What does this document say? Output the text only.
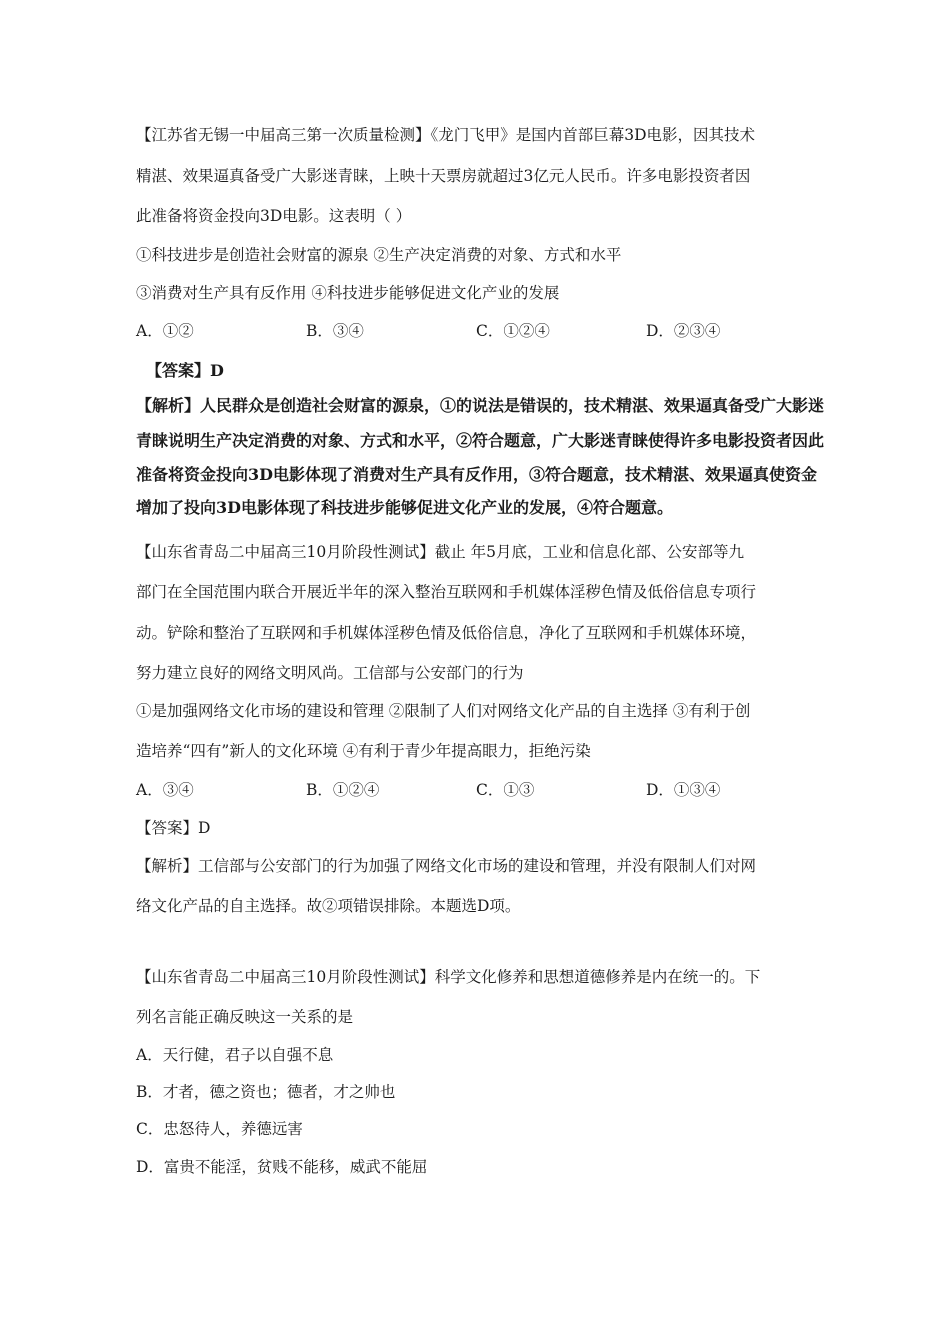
【江苏省无锡一中届高三第一次质量检测】《龙门飞甲》是国内首部巨幕3D电影，因其技术
精湛、效果逼真备受广大影迷青睐，上映十天票房就超过3亿元人民币。许多电影投资者因
此准备将资金投向3D电影。这表明（ ）
①科技进步是创造社会财富的源泉 ②生产决定消费的对象、方式和水平
③消费对生产具有反作用 ④科技进步能够促进文化产业的发展
A．①②	B．③④	C．①②④	D．②③④
【答案】D
【解析】人民群众是创造社会财富的源泉，①的说法是错误的，技术精湛、效果逼真备受广大影迷
青睐说明生产决定消费的对象、方式和水平，②符合题意，广大影迷青睐使得许多电影投资者因此
准备将资金投向3D电影体现了消费对生产具有反作用，③符合题意，技术精湛、效果逼真使资金
增加了投向3D电影体现了科技进步能够促进文化产业的发展，④符合题意。
【山东省青岛二中届高三10月阶段性测试】截止 年5月底，工业和信息化部、公安部等九
部门在全国范围内联合开展近半年的深入整治互联网和手机媒体淫秽色情及低俗信息专项行
动。铲除和整治了互联网和手机媒体淫秽色情及低俗信息，净化了互联网和手机媒体环境，
努力建立良好的网络文明风尚。工信部与公安部门的行为
①是加强网络文化市场的建设和管理 ②限制了人们对网络文化产品的自主选择 ③有利于创
造培养“四有”新人的文化环境 ④有利于青少年提高眼力，拒绝污染
A．③④	B．①②④	C．①③	D．①③④
【答案】D
【解析】工信部与公安部门的行为加强了网络文化市场的建设和管理，并没有限制人们对网
络文化产品的自主选择。故②项错误排除。本题选D项。
【山东省青岛二中届高三10月阶段性测试】科学文化修养和思想道德修养是内在统一的。下
列名言能正确反映这一关系的是
A．天行健，君子以自强不息
B．才者，德之资也；德者，才之帅也
C．忠怒待人，养德远害
D．富贵不能淫，贫贱不能移，威武不能屈
